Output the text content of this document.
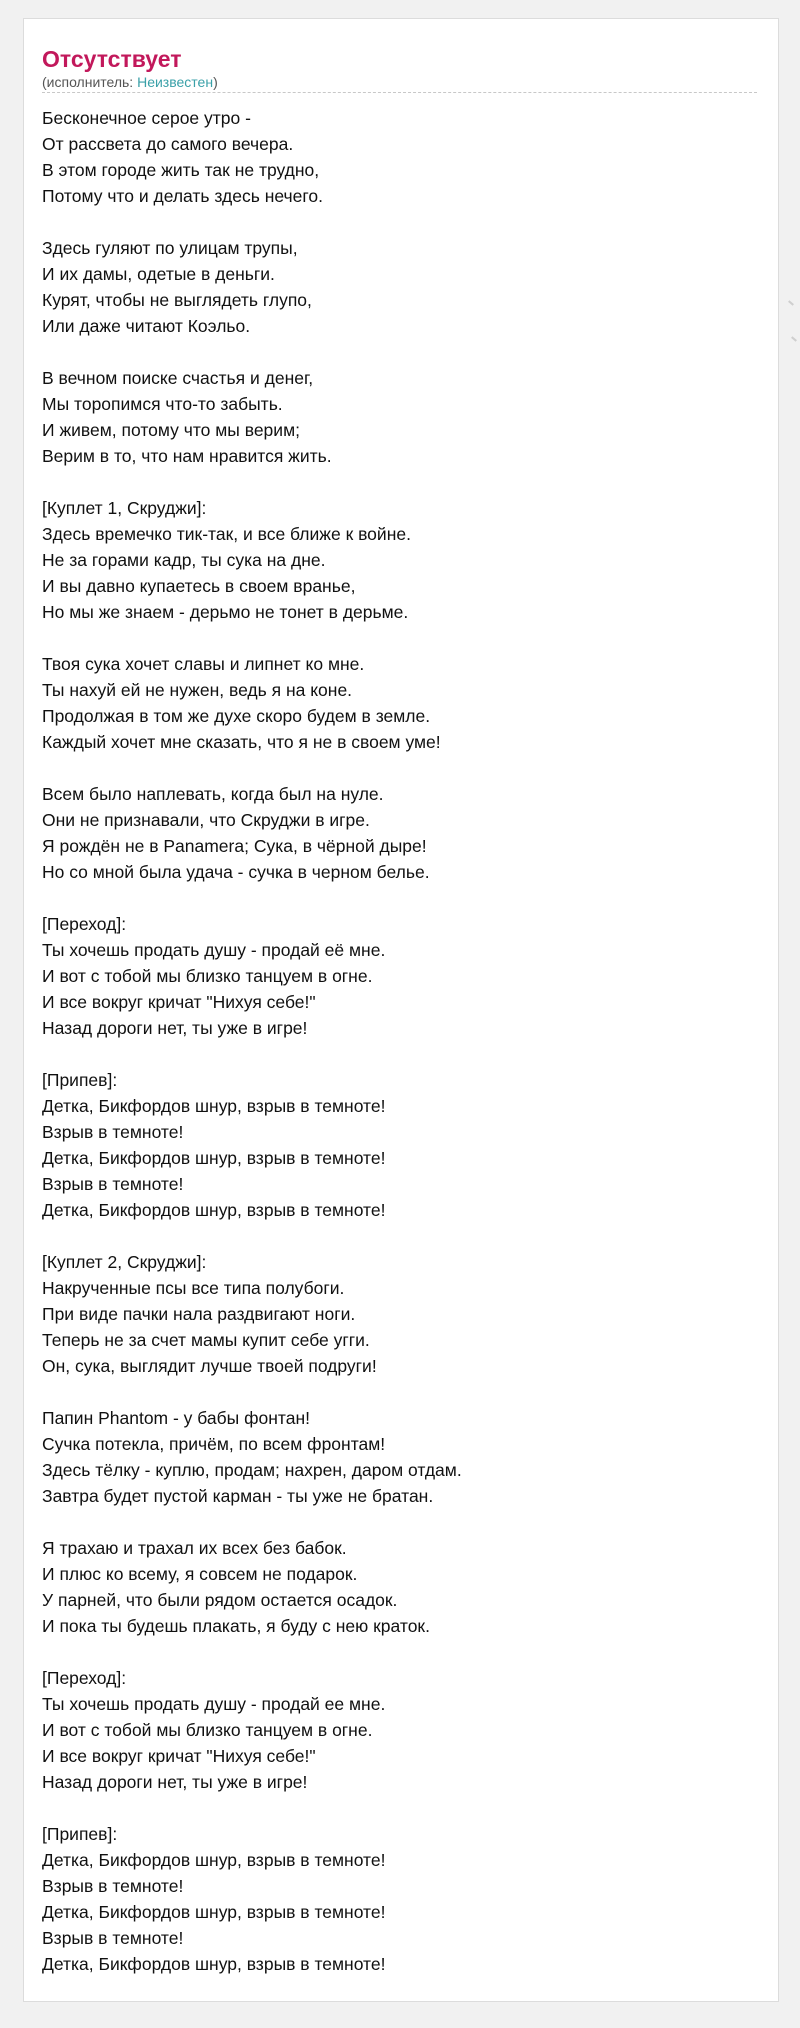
Отсутствует
(исполнитель: Неизвестен)
Бесконечное серое утро -
От рассвета до самого вечера.
В этом городе жить так не трудно,
Потому что и делать здесь нечего.
Здесь гуляют по улицам трупы,
И их дамы, одетые в деньги.
Курят, чтобы не выглядеть глупо,
Или даже читают Коэльо.
В вечном поиске счастья и денег,
Мы торопимся что-то забыть.
И живем, потому что мы верим;
Верим в то, что нам нравится жить.
[Куплет 1, Скруджи]:
Здесь времечко тик-так, и все ближе к войне.
Не за горами кадр, ты сука на дне.
И вы давно купаетесь в своем вранье,
Но мы же знаем - дерьмо не тонет в дерьме.
Твоя сука хочет славы и липнет ко мне.
Ты нахуй ей не нужен, ведь я на коне.
Продолжая в том же духе скоро будем в земле.
Каждый хочет мне сказать, что я не в своем уме!
Всем было наплевать, когда был на нуле.
Они не признавали, что Скруджи в игре.
Я рождён не в Panamera; Сука, в чёрной дыре!
Но со мной была удача - сучка в черном белье.
[Переход]:
Ты хочешь продать душу - продай её мне.
И вот с тобой мы близко танцуем в огне.
И все вокруг кричат "Нихуя себе!"
Назад дороги нет, ты уже в игре!
[Припев]:
Детка, Бикфордов шнур, взрыв в темноте!
Взрыв в темноте!
Детка, Бикфордов шнур, взрыв в темноте!
Взрыв в темноте!
Детка, Бикфордов шнур, взрыв в темноте!
[Куплет 2, Скруджи]:
Накрученные псы все типа полубоги.
При виде пачки нала раздвигают ноги.
Теперь не за счет мамы купит себе угги.
Он, сука, выглядит лучше твоей подруги!
Папин Phantom - у бабы фонтан!
Сучка потекла, причём, по всем фронтам!
Здесь тёлку - куплю, продам; нахрен, даром отдам.
Завтра будет пустой карман - ты уже не братан.
Я трахаю и трахал их всех без бабок.
И плюс ко всему, я совсем не подарок.
У парней, что были рядом остается осадок.
И пока ты будешь плакать, я буду с нею краток.
[Переход]:
Ты хочешь продать душу - продай ее мне.
И вот с тобой мы близко танцуем в огне.
И все вокруг кричат "Нихуя себе!"
Назад дороги нет, ты уже в игре!
[Припев]:
Детка, Бикфордов шнур, взрыв в темноте!
Взрыв в темноте!
Детка, Бикфордов шнур, взрыв в темноте!
Взрыв в темноте!
Детка, Бикфордов шнур, взрыв в темноте!
